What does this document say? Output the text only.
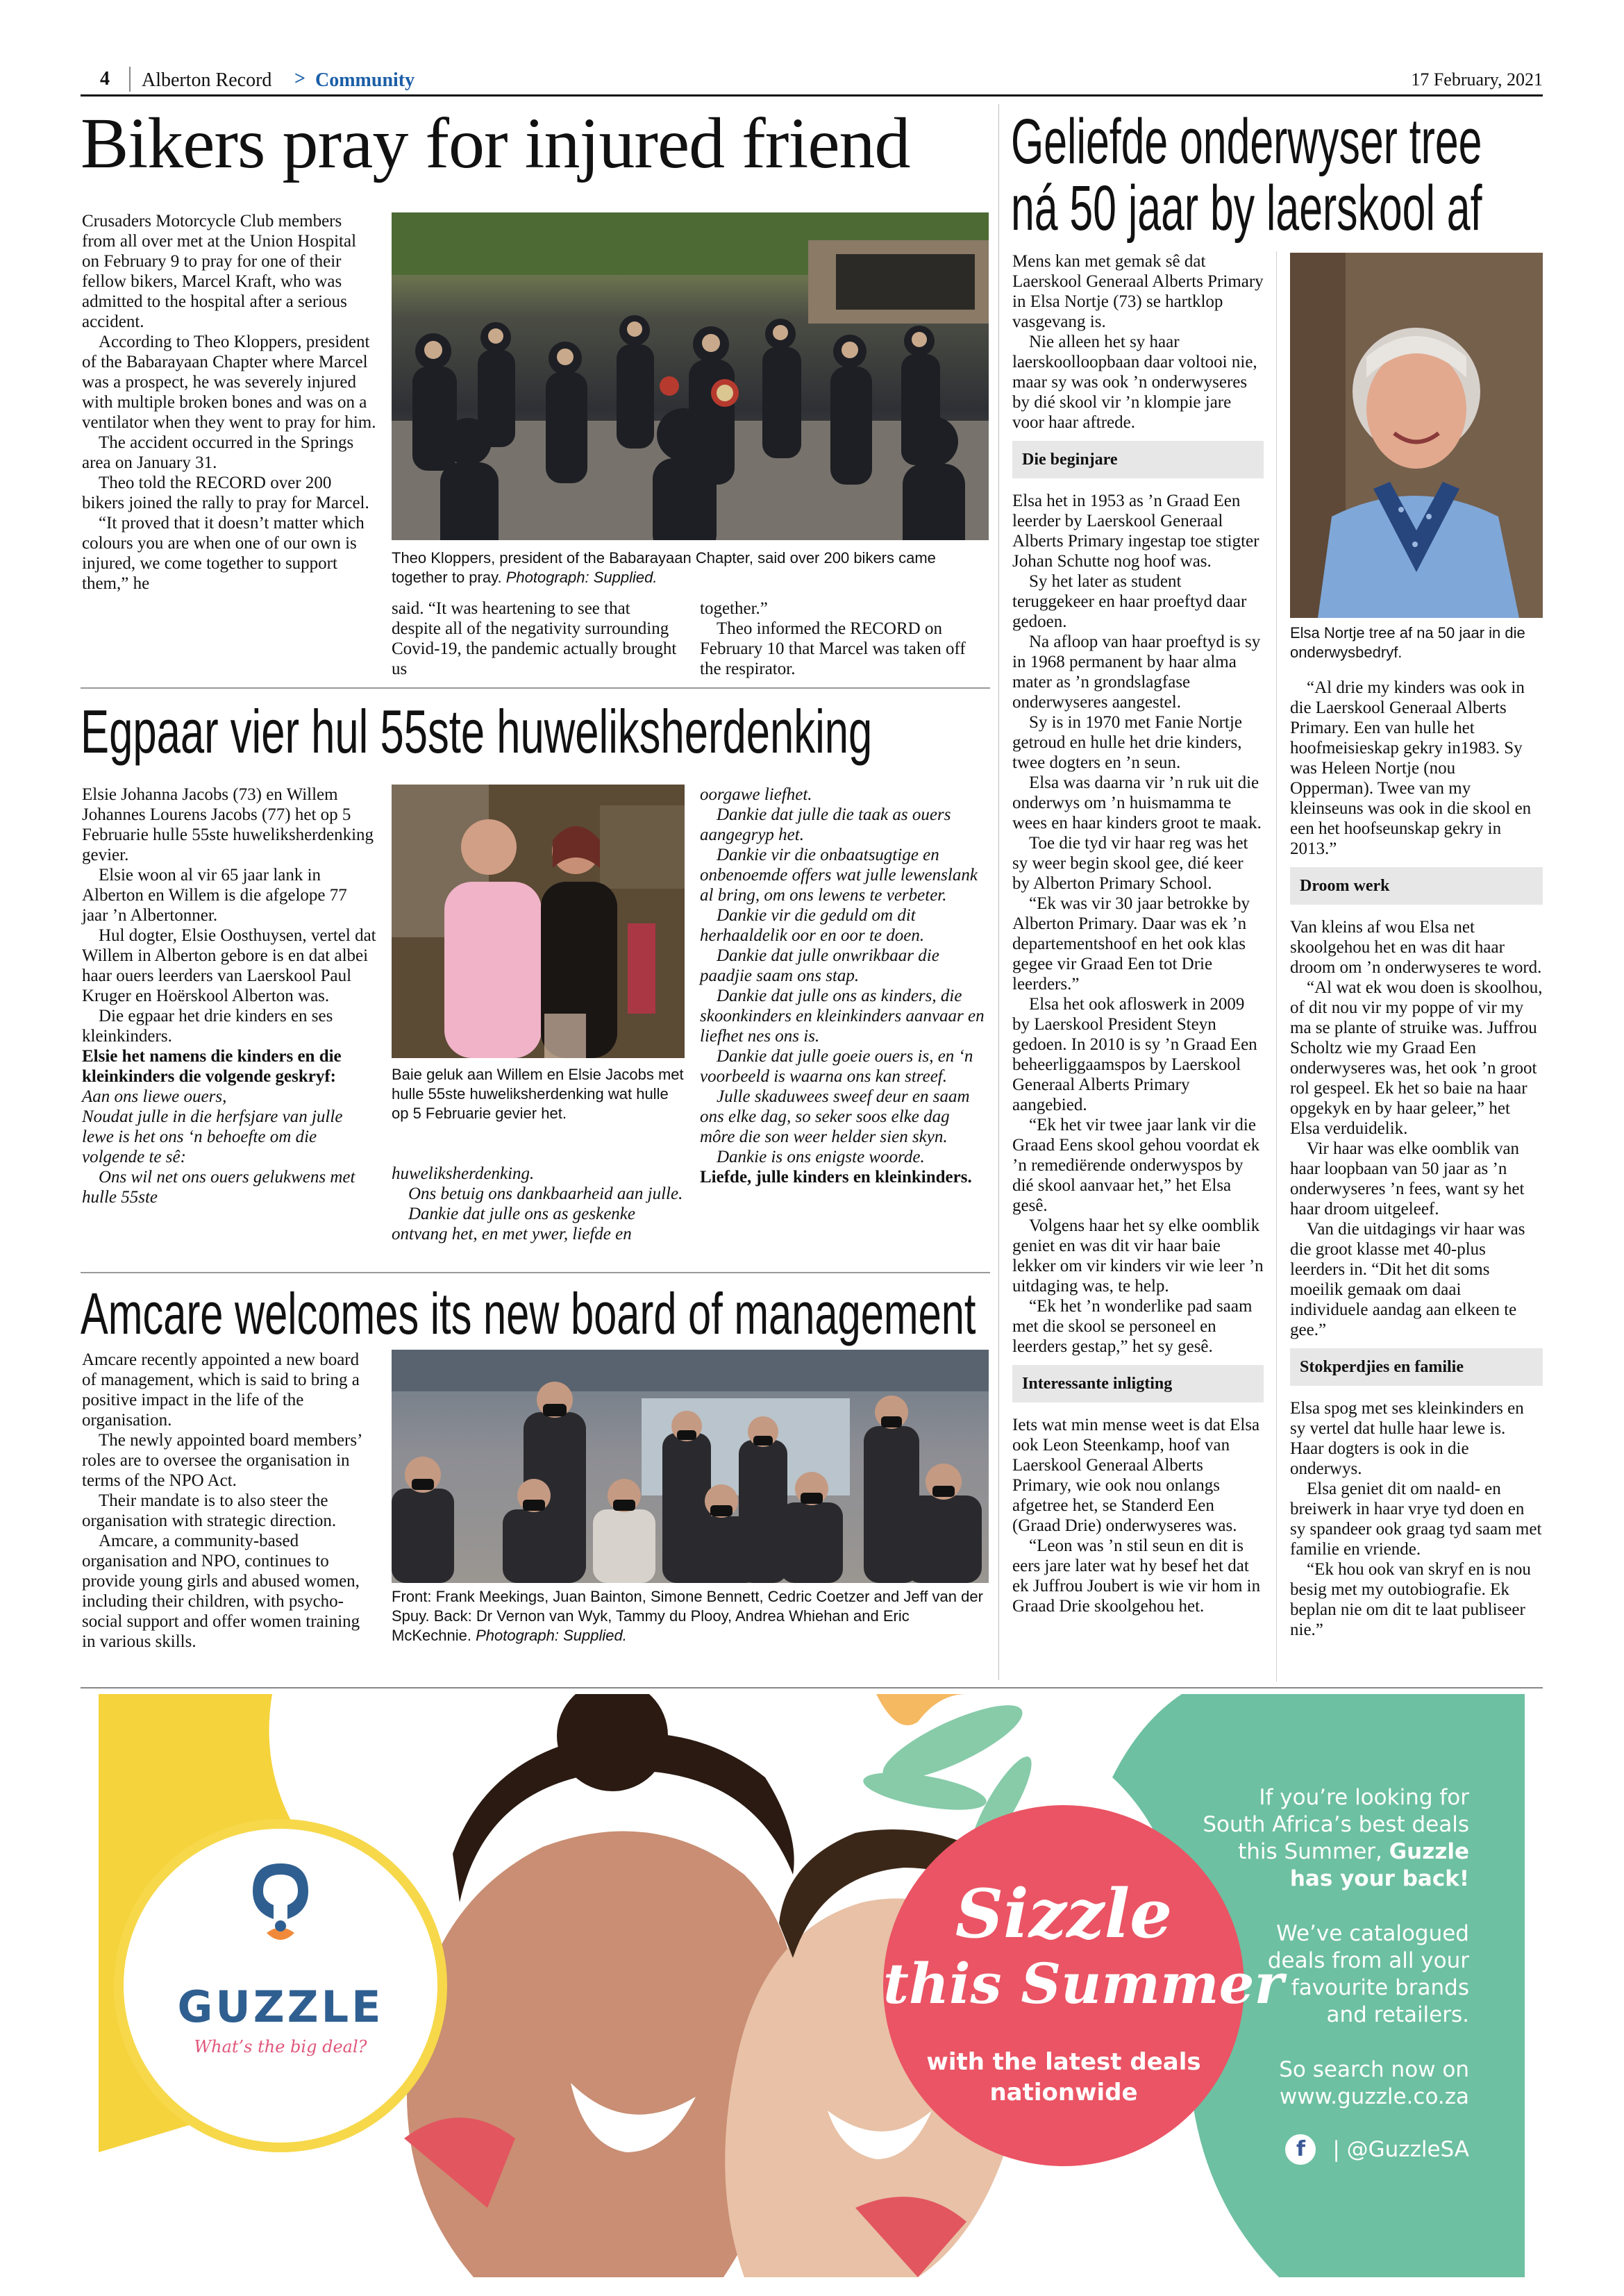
4 Alberton Record > Community	17 February, 2021
Bikers pray for injured friend

Crusaders Motorcycle Club members from all over met at the Union Hospital on February 9 to pray for one of their fellow bikers, Marcel Kraft, who was admitted to the hospital after a serious accident.

According to Theo Kloppers, president of the Babarayaan Chapter where Marcel was a prospect, he was severely injured with multiple broken bones and was on a ventilator when they went to pray for him.

The accident occurred in the Springs area on January 31.

Theo told the RECORD over 200 bikers joined the rally to pray for Marcel.

“It proved that it doesn’t matter which colours you are when one of our own is injured, we come together to support them,” he

Theo Kloppers, president of the Babarayaan Chapter, said over 200 bikers came together to pray. Photograph: Supplied.

said. “It was heartening to see that despite all of the negativity surrounding Covid-19, the pandemic actually brought us

together.”

Theo informed the RECORD on February 10 that Marcel was taken off the respirator.

Egpaar vier hul 55ste huweliksherdenking

Elsie Johanna Jacobs (73) en Willem Johannes Lourens Jacobs (77) het op 5 Februarie hulle 55ste huweliksherdenking gevier.

Elsie woon al vir 65 jaar lank in Alberton en Willem is die afgelope 77 jaar ’n Albertonner.

Hul dogter, Elsie Oosthuysen, vertel dat Willem in Alberton gebore is en dat albei haar ouers leerders van Laerskool Paul Kruger en Hoërskool Alberton was.

Die egpaar het drie kinders en ses kleinkinders.

Elsie het namens die kinders en die kleinkinders die volgende geskryf:

Aan ons liewe ouers,

Noudat julle in die herfsjare van julle lewe is het ons ‘n behoefte om die volgende te sê:

Ons wil net ons ouers gelukwens met hulle 55ste

Baie geluk aan Willem en Elsie Jacobs met hulle 55ste huweliksherdenking wat hulle op 5 Februarie gevier het.

huweliksherdenking.

Ons betuig ons dankbaarheid aan julle.

Dankie dat julle ons as geskenke ontvang het, en met ywer, liefde en

oorgawe liefhet.

Dankie dat julle die taak as ouers aangegryp het.

Dankie vir die onbaatsugtige en onbenoemde offers wat julle lewenslank al bring, om ons lewens te verbeter.

Dankie vir die geduld om dit herhaaldelik oor en oor te doen.

Dankie dat julle onwrikbaar die paadjie saam ons stap.

Dankie dat julle ons as kinders, die skoonkinders en kleinkinders aanvaar en liefhet nes ons is.

Dankie dat julle goeie ouers is, en ‘n voorbeeld is waarna ons kan streef.

Julle skaduwees sweef deur en saam ons elke dag, so seker soos elke dag môre die son weer helder sien skyn.

Dankie is ons enigste woorde.

Liefde, julle kinders en kleinkinders.

Amcare welcomes its new board of management

Amcare recently appointed a new board of management, which is said to bring a positive impact in the life of the organisation.

The newly appointed board members’ roles are to oversee the organisation in terms of the NPO Act.

Their mandate is to also steer the organisation with strategic direction.

Amcare, a community-based organisation and NPO, continues to provide young girls and abused women, including their children, with psycho-social support and offer women training in various skills.

Front: Frank Meekings, Juan Bainton, Simone Bennett, Cedric Coetzer and Jeff van der Spuy. Back: Dr Vernon van Wyk, Tammy du Plooy, Andrea Whiehan and Eric McKechnie. Photograph: Supplied.
Geliefde onderwyser tree
ná 50 jaar by laerskool af

Mens kan met gemak sê dat Laerskool Generaal Alberts Primary in Elsa Nortje (73) se hartklop vasgevang is.

Nie alleen het sy haar laerskoolloopbaan daar voltooi nie, maar sy was ook ’n onderwyseres by dié skool vir ’n klompie jare voor haar aftrede.

Die beginjare

Elsa het in 1953 as ’n Graad Een leerder by Laerskool Generaal Alberts Primary ingestap toe stigter Johan Schutte nog hoof was.

Sy het later as student teruggekeer en haar proeftyd daar gedoen.

Na afloop van haar proeftyd is sy in 1968 permanent by haar alma mater as ’n grondslagfase onderwyseres aangestel.

Sy is in 1970 met Fanie Nortje getroud en hulle het drie kinders, twee dogters en ’n seun.

Elsa was daarna vir ’n ruk uit die onderwys om ’n huismamma te wees en haar kinders groot te maak.

Toe die tyd vir haar reg was het sy weer begin skool gee, dié keer by Alberton Primary School.

“Ek was vir 30 jaar betrokke by Alberton Primary. Daar was ek ’n departementshoof en het ook klas gegee vir Graad Een tot Drie leerders.”

Elsa het ook afloswerk in 2009 by Laerskool President Steyn gedoen. In 2010 is sy ’n Graad Een beheerliggaamspos by Laerskool Generaal Alberts Primary aangebied.

“Ek het vir twee jaar lank vir die Graad Eens skool gehou voordat ek ’n remediërende onderwyspos by dié skool aanvaar het,” het Elsa gesê.

Volgens haar het sy elke oomblik geniet en was dit vir haar baie lekker om vir kinders vir wie leer ’n uitdaging was, te help.

“Ek het ’n wonderlike pad saam met die skool se personeel en leerders gestap,” het sy gesê.

Interessante inligting

Iets wat min mense weet is dat Elsa ook Leon Steenkamp, hoof van Laerskool Generaal Alberts Primary, wie ook nou onlangs afgetree het, se Standerd Een (Graad Drie) onderwyseres was.

“Leon was ’n stil seun en dit is eers jare later wat hy besef het dat ek Juffrou Joubert is wie vir hom in Graad Drie skoolgehou het.

Elsa Nortje tree af na 50 jaar in die onderwysbedryf.

“Al drie my kinders was ook in die Laerskool Generaal Alberts Primary. Een van hulle het hoofmeisieskap gekry in1983. Sy was Heleen Nortje (nou Opperman). Twee van my kleinseuns was ook in die skool en een het hoofseunskap gekry in 2013.”

Droom werk

Van kleins af wou Elsa net skoolgehou het en was dit haar droom om ’n onderwyseres te word.

“Al wat ek wou doen is skoolhou, of dit nou vir my poppe of vir my ma se plante of struike was. Juffrou Scholtz wie my Graad Een onderwyseres was, het ook ’n groot rol gespeel. Ek het so baie na haar opgekyk en by haar geleer,” het Elsa verduidelik.

Vir haar was elke oomblik van haar loopbaan van 50 jaar as ’n onderwyseres ’n fees, want sy het haar droom uitgeleef.

Van die uitdagings vir haar was die groot klasse met 40-plus leerders in. “Dit het dit soms moeilik gemaak om daai individuele aandag aan elkeen te gee.”

Stokperdjies en familie

Elsa spog met ses kleinkinders en sy vertel dat hulle haar lewe is. Haar dogters is ook in die onderwys.

Elsa geniet dit om naald- en breiwerk in haar vrye tyd doen en sy spandeer ook graag tyd saam met familie en vriende.

“Ek hou ook van skryf en is nou besig met my outobiografie. Ek beplan nie om dit te laat publiseer nie.”

GUZZLE
What’s the big deal?
Sizzle
this Summer
with the latest deals
nationwide
If you’re looking for
South Africa’s best deals
this Summer, Guzzle
has your back!
We’ve catalogued
deals from all your
favourite brands
and retailers.
So search now on
www.guzzle.co.za
f | @GuzzleSA
